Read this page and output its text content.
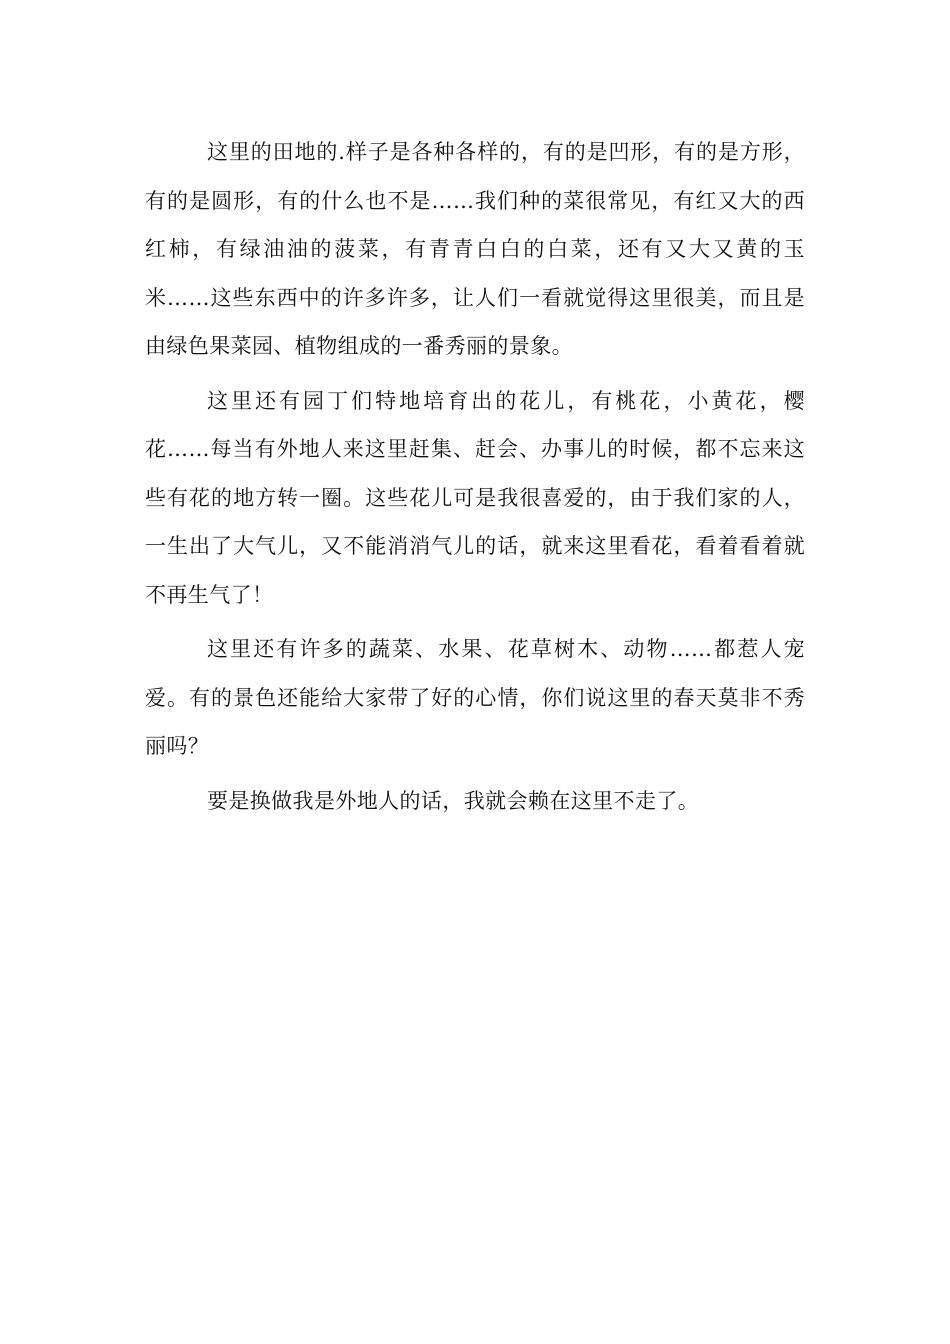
这里的田地的.样子是各种各样的，有的是凹形，有的是方形，有的是圆形，有的什么也不是……我们种的菜很常见，有红又大的西红柿，有绿油油的菠菜，有青青白白的白菜，还有又大又黄的玉米……这些东西中的许多许多，让人们一看就觉得这里很美，而且是由绿色果菜园、植物组成的一番秀丽的景象。

这里还有园丁们特地培育出的花儿，有桃花，小黄花，樱花……每当有外地人来这里赶集、赶会、办事儿的时候，都不忘来这些有花的地方转一圈。这些花儿可是我很喜爱的，由于我们家的人，一生出了大气儿，又不能消消气儿的话，就来这里看花，看着看着就不再生气了！

这里还有许多的蔬菜、水果、花草树木、动物……都惹人宠爱。有的景色还能给大家带了好的心情，你们说这里的春天莫非不秀丽吗？

要是换做我是外地人的话，我就会赖在这里不走了。
